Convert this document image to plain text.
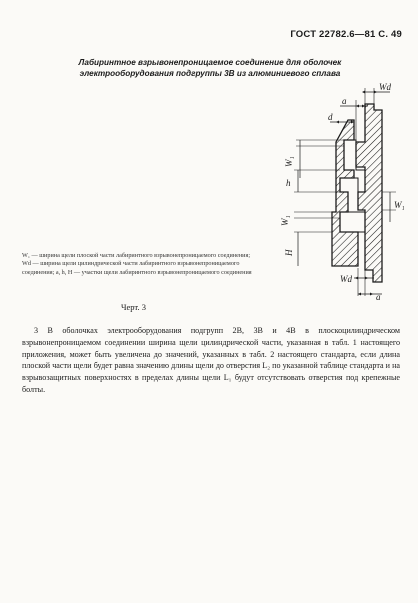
ГОСТ 22782.6—81 С. 49
Лабиринтное взрывонепроницаемое соединение для оболочек
электрооборудования подгруппы 3В из алюминиевого сплава
Wd
a
d
W₁
h
W₁
H
W₁
Wd
a
W₁ — ширина щели плоской части лабиринтного взрывонепроницаемого соединения; Wd — ширина щели цилиндрической части лабиринтного взрывонепроницаемого соединения; a, h, H — участки щели лабиринтного взрывонепроницаемого соединения
Черт. 3
3 В оболочках электрооборудования подгрупп 2В, 3В и 4В в плоскоцилиндрическом взрывонепроницаемом соединении ширина щели цилиндрической части, указанная в табл. 1 настоящего приложения, может быть увеличена до значений, указанных в табл. 2 настоящего стандарта, если длина плоской части щели будет равна значению длины щели до отверстия L₂ по указанной таблице стандарта и на взрывозащитных поверхностях в пределах длины щели L₁ будут отсутствовать отверстия под крепежные болты.
